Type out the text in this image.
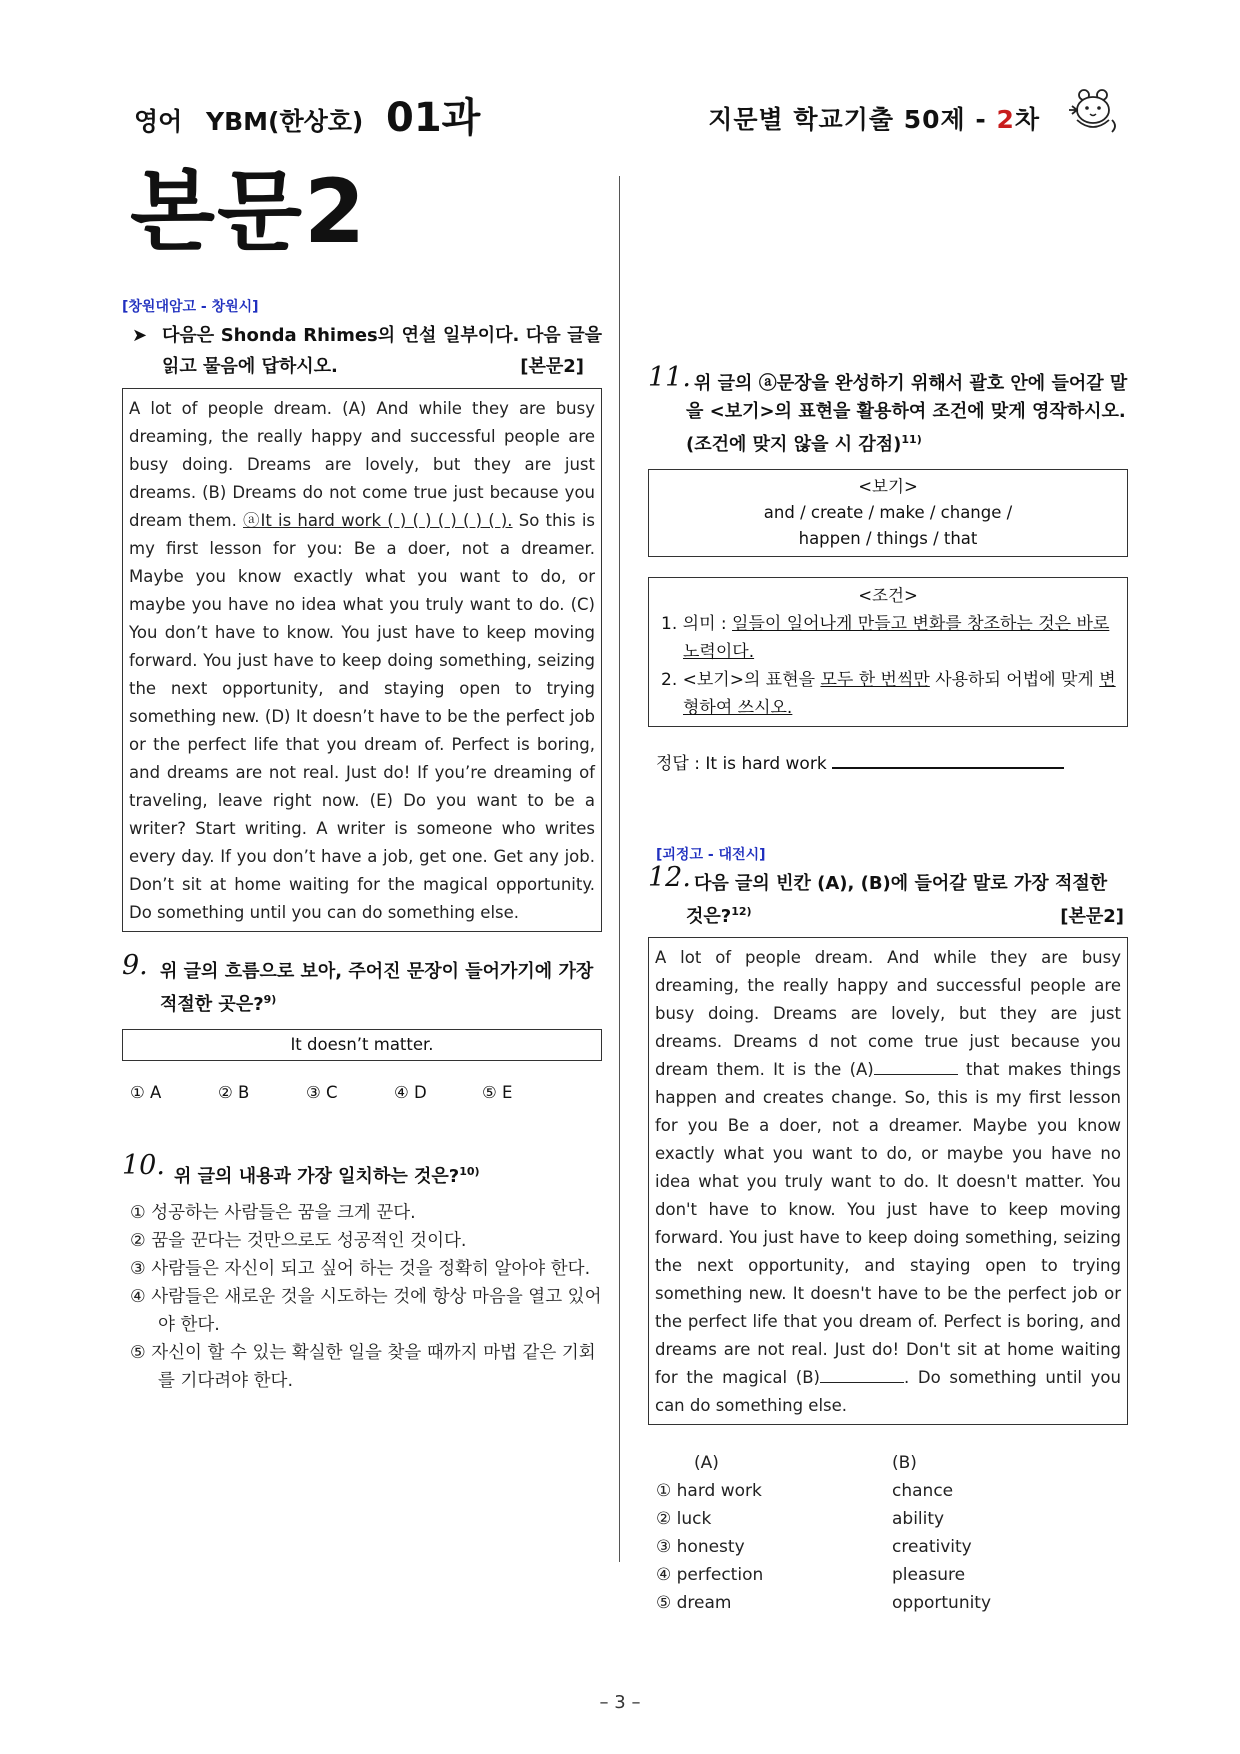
영어 YBM(한상호) 01과	지문별 학교기출 50제 - 2차
본문2
[창원대암고 - 창원시]
➤ 다음은 Shonda Rhimes의 연설 일부이다. 다음 글을 읽고 물음에 답하시오.	[본문2]
A lot of people dream. (A) And while they are busy dreaming, the really happy and successful people are busy doing. Dreams are lovely, but they are just dreams. (B) Dreams do not come true just because you dream them. ⓐIt is hard work ( ) ( ) ( ) ( ) ( ). So this is my first lesson for you: Be a doer, not a dreamer. Maybe you know exactly what you want to do, or maybe you have no idea what you truly want to do. (C) You don’t have to know. You just have to keep moving forward. You just have to keep doing something, seizing the next opportunity, and staying open to trying something new. (D) It doesn’t have to be the perfect job or the perfect life that you dream of. Perfect is boring, and dreams are not real. Just do! If you’re dreaming of traveling, leave right now. (E) Do you want to be a writer? Start writing. A writer is someone who writes every day. If you don’t have a job, get one. Get any job. Don’t sit at home waiting for the magical opportunity. Do something until you can do something else.
9. 위 글의 흐름으로 보아, 주어진 문장이 들어가기에 가장 적절한 곳은?$^{9)}$
It doesn’t matter.
① A	② B	③ C	④ D	⑤ E
10. 위 글의 내용과 가장 일치하는 것은?$^{10)}$
① 성공하는 사람들은 꿈을 크게 꾼다.
② 꿈을 꾼다는 것만으로도 성공적인 것이다.
③ 사람들은 자신이 되고 싶어 하는 것을 정확히 알아야 한다.
④ 사람들은 새로운 것을 시도하는 것에 항상 마음을 열고 있어야 한다.
⑤ 자신이 할 수 있는 확실한 일을 찾을 때까지 마법 같은 기회를 기다려야 한다.
11. 위 글의 ⓐ문장을 완성하기 위해서 괄호 안에 들어갈 말을 <보기>의 표현을 활용하여 조건에 맞게 영작하시오. (조건에 맞지 않을 시 감점)$^{11)}$
<보기>
and / create / make / change /
happen / things / that
<조건>
1. 의미 : 일들이 일어나게 만들고 변화를 창조하는 것은 바로 노력이다.
2. <보기>의 표현을 모두 한 번씩만 사용하되 어법에 맞게 변형하여 쓰시오.
정답 : It is hard work
[괴정고 - 대전시]
12. 다음 글의 빈칸 (A), (B)에 들어갈 말로 가장 적절한 것은?$^{12)}$	[본문2]
A lot of people dream. And while they are busy dreaming, the really happy and successful people are busy doing. Dreams are lovely, but they are just dreams. Dreams d not come true just because you dream them. It is the (A)	that makes things happen and creates change. So, this is my first lesson for you Be a doer, not a dreamer. Maybe you know exactly what you want to do, or maybe you have no idea what you truly want to do. It doesn't matter. You don't have to know. You just have to keep moving forward. You just have to keep doing something, seizing the next opportunity, and staying open to trying something new. It doesn't have to be the perfect job or the perfect life that you dream of. Perfect is boring, and dreams are not real. Just do! Don't sit at home waiting for the magical (B)	. Do something until you can do something else.
(A)	(B)
① hard work	chance
② luck	ability
③ honesty	creativity
④ perfection	pleasure
⑤ dream	opportunity
– 3 –
